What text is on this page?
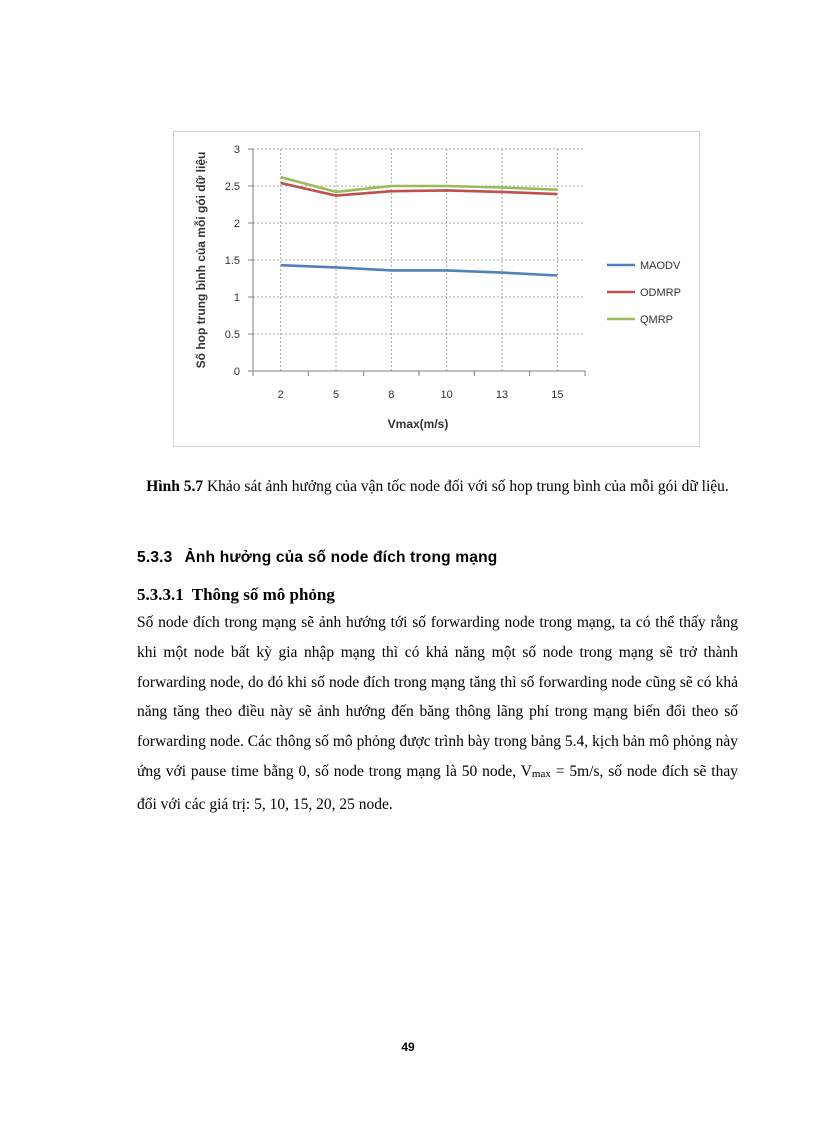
0
0.5
1
1.5
2
2.5
3
2	5	8	10	13	15
MAODV
ODMRP
QMRP
Vmax(m/s)
Số hop trung bình của mỗi gói dữ liệu
Hình 5.7 Khảo sát ảnh hưởng của vận tốc node đối với số hop trung bình của mỗi gói dữ liệu.
5.3.3 Ảnh hưởng của số node đích trong mạng
5.3.3.1 Thông số mô phỏng

Số node đích trong mạng sẽ ảnh hướng tới số forwarding node trong mạng, ta có thể thấy rằng khi một node bất kỳ gia nhập mạng thì có khả năng một số node trong mạng sẽ trở thành forwarding node, do đó khi số node đích trong mạng tăng thì số forwarding node cũng sẽ có khả năng tăng theo điều này sẽ ảnh hướng đến băng thông lãng phí trong mạng biến đổi theo số forwarding node. Các thông số mô phỏng được trình bày trong bảng 5.4, kịch bản mô phỏng này ứng với pause time bằng 0, số node trong mạng là 50 node, Vmax = 5m/s, số node đích sẽ thay đổi với các giá trị: 5, 10, 15, 20, 25 node.

49
